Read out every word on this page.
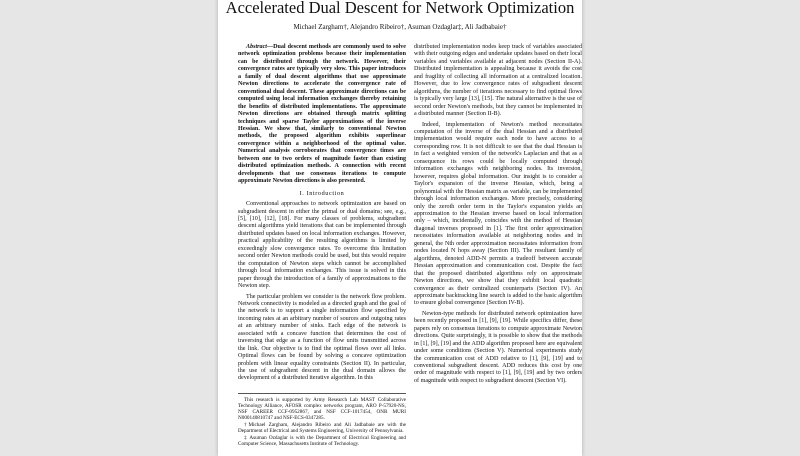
Accelerated Dual Descent for Network Optimization
Michael Zargham†, Alejandro Ribeiro†, Asuman Ozdaglar‡, Ali Jadbabaie†
Abstract—Dual descent methods are commonly used to solve network optimization problems because their implementation can be distributed through the network. However, their convergence rates are typically very slow. This paper introduces a family of dual descent algorithms that use approximate Newton directions to accelerate the convergence rate of conventional dual descent. These approximate directions can be computed using local information exchanges thereby retaining the benefits of distributed implementations. The approximate Newton directions are obtained through matrix splitting techniques and sparse Taylor approximations of the inverse Hessian. We show that, similarly to conventional Newton methods, the proposed algorithm exhibits superlinear convergence within a neighborhood of the optimal value. Numerical analysis corroborates that convergence times are between one to two orders of magnitude faster than existing distributed optimization methods. A connection with recent developments that use consensus iterations to compute approximate Newton directions is also presented.
I. Introduction

Conventional approaches to network optimization are based on subgradient descent in either the primal or dual domains; see, e.g., [5], [10], [12], [18]. For many classes of problems, subgradient descent algorithms yield iterations that can be implemented through distributed updates based on local information exchanges. However, practical applicability of the resulting algorithms is limited by exceedingly slow convergence rates. To overcome this limitation second order Newton methods could be used, but this would require the computation of Newton steps which cannot be accomplished through local information exchanges. This issue is solved in this paper through the introduction of a family of approximations to the Newton step.

The particular problem we consider is the network flow problem. Network connectivity is modeled as a directed graph and the goal of the network is to support a single information flow specified by incoming rates at an arbitrary number of sources and outgoing rates at an arbitrary number of sinks. Each edge of the network is associated with a concave function that determines the cost of traversing that edge as a function of flow units transmitted across the link. Our objective is to find the optimal flows over all links. Optimal flows can be found by solving a concave optimization problem with linear equality constraints (Section II). In particular, the use of subgradient descent in the dual domain allows the development of a distributed iterative algorithm. In this

This research is supported by Army Research Lab MAST Collaborative Technology Alliance, AFOSR complex networks program, ARO P-57920-NS, NSF CAREER CCF-0952867, and NSF CCF-1017454, ONR MURI N000140810747 and NSF-ECS-0347285.
†Michael Zargham, Alejandro Ribeiro and Ali Jadbabaie are with the Department of Electrical and Systems Engineering, University of Pennsylvania.
‡ Asuman Ozdaglar is with the Department of Electrical Engineering and Computer Science, Massachusetts Institute of Technology.

distributed implementation nodes keep track of variables associated with their outgoing edges and undertake updates based on their local variables and variables available at adjacent nodes (Section II-A). Distributed implementation is appealing because it avoids the cost and fragility of collecting all information at a centralized location. However, due to low convergence rates of subgradient descent algorithms, the number of iterations necessary to find optimal flows is typically very large [13], [15]. The natural alternative is the use of second order Newton's methods, but they cannot be implemented in a distributed manner (Section II-B).

Indeed, implementation of Newton's method necessitates computation of the inverse of the dual Hessian and a distributed implementation would require each node to have access to a corresponding row. It is not difficult to see that the dual Hessian is in fact a weighted version of the network's Laplacian and that as a consequence its rows could be locally computed through information exchanges with neighboring nodes. Its inversion, however, requires global information. Our insight is to consider a Taylor's expansion of the inverse Hessian, which, being a polynomial with the Hessian matrix as variable, can be implemented through local information exchanges. More precisely, considering only the zeroth order term in the Taylor's expansion yields an approximation to the Hessian inverse based on local information only – which, incidentally, coincides with the method of Hessian diagonal inverses proposed in [1]. The first order approximation necessitates information available at neighboring nodes and in general, the Nth order approximation necessitates information from nodes located N hops away (Section III). The resultant family of algorithms, denoted ADD-N permits a tradeoff between accurate Hessian approximation and communication cost. Despite the fact that the proposed distributed algorithms rely on approximate Newton directions, we show that they exhibit local quadratic convergence as their centralized counterparts (Section IV). An approximate backtracking line search is added to the basic algorithm to ensure global convergence (Section IV-B).

Newton-type methods for distributed network optimization have been recently proposed in [1], [9], [19]. While specifics differ, these papers rely on consensus iterations to compute approximate Newton directions. Quite surprisingly, it is possible to show that the methods in [1], [9], [19] and the ADD algorithm proposed here are equivalent under some conditions (Section V). Numerical experiments study the communication cost of ADD relative to [1], [9], [19] and to conventional subgradient descent. ADD reduces this cost by one order of magnitude with respect to [1], [9], [19] and by two orders of magnitude with respect to subgradient descent (Section VI).
